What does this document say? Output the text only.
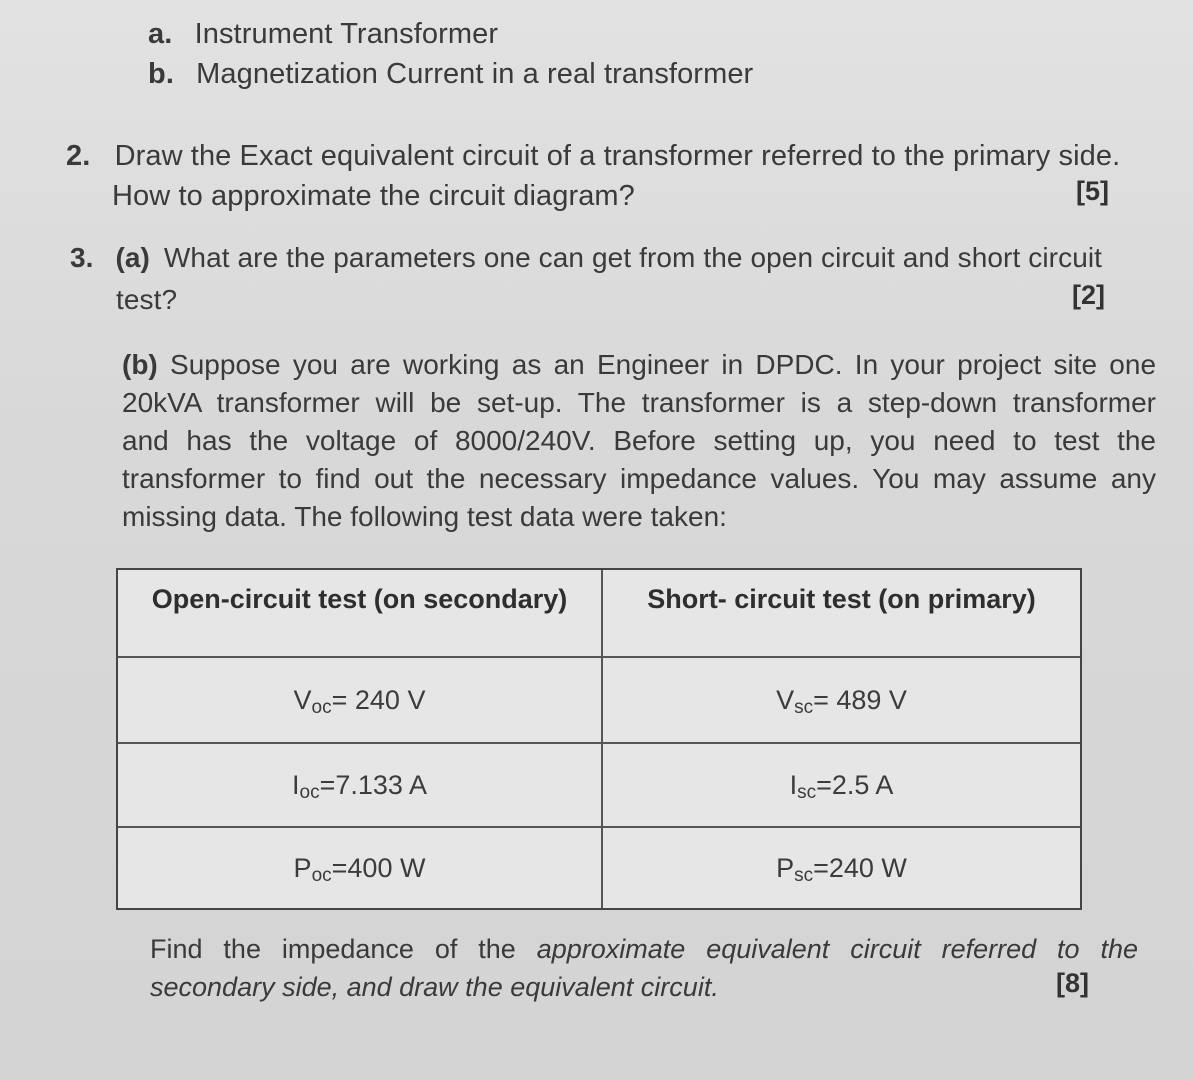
a. Instrument Transformer
b. Magnetization Current in a real transformer
2. Draw the Exact equivalent circuit of a transformer referred to the primary side.
How to approximate the circuit diagram?	[5]
3. (a) What are the parameters one can get from the open circuit and short circuit
test?	[2]
(b) Suppose you are working as an Engineer in DPDC. In your project site one
20kVA transformer will be set-up. The transformer is a step-down transformer
and has the voltage of 8000/240V. Before setting up, you need to test the
transformer to find out the necessary impedance values. You may assume any
missing data. The following test data were taken:
Open-circuit test (on secondary)	Short- circuit test (on primary)
V oc = 240 V	V sc = 489 V
I oc =7.133 A	I sc =2.5 A
P oc =400 W	P sc =240 W
Find the impedance of the approximate equivalent circuit referred to the
secondary side, and draw the equivalent circuit.	[8]
